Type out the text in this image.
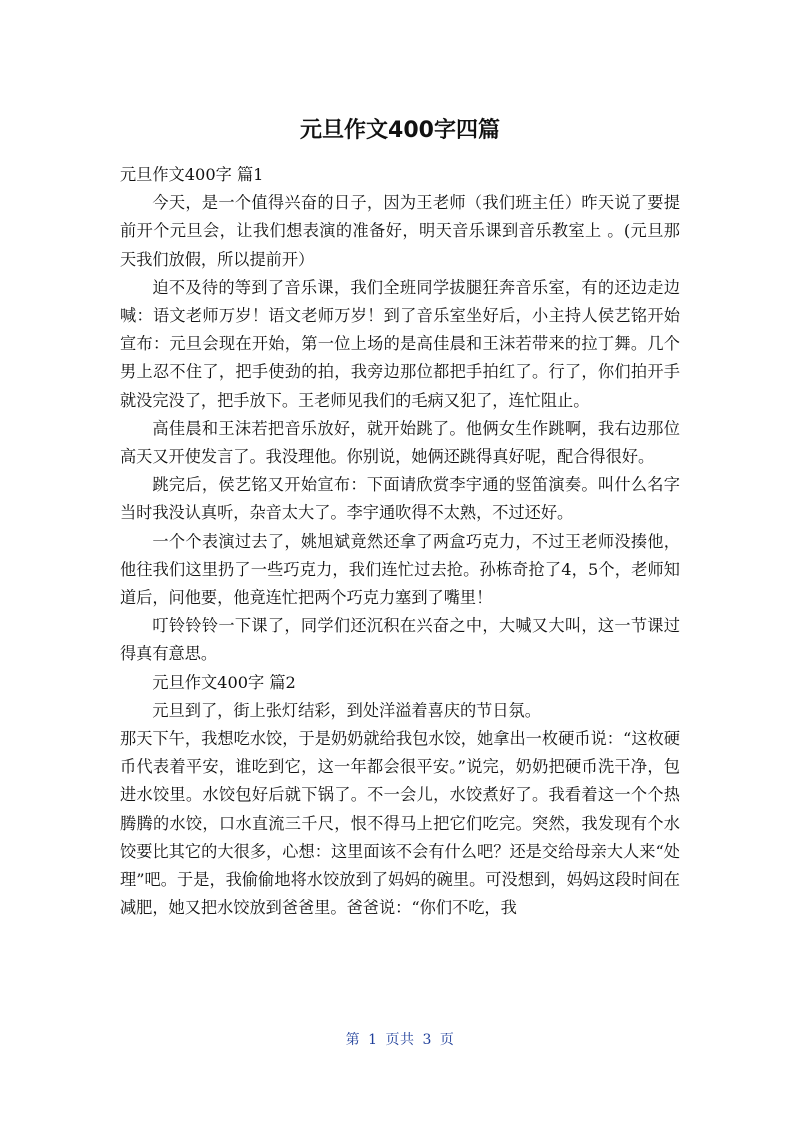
元旦作文400字四篇

元旦作文400字 篇1

今天，是一个值得兴奋的日子，因为王老师（我们班主任）昨天说了要提前开个元旦会，让我们想表演的准备好，明天音乐课到音乐教室上 。(元旦那天我们放假，所以提前开）

迫不及待的等到了音乐课，我们全班同学拔腿狂奔音乐室，有的还边走边喊：语文老师万岁！语文老师万岁！到了音乐室坐好后，小主持人侯艺铭开始宣布：元旦会现在开始，第一位上场的是高佳晨和王沫若带来的拉丁舞。几个男上忍不住了，把手使劲的拍，我旁边那位都把手拍红了。行了，你们拍开手就没完没了，把手放下。王老师见我们的毛病又犯了，连忙阻止。

高佳晨和王沫若把音乐放好，就开始跳了。他俩女生作跳啊，我右边那位高天又开使发言了。我没理他。你别说，她俩还跳得真好呢，配合得很好。

跳完后，侯艺铭又开始宣布：下面请欣赏李宇通的竖笛演奏。叫什么名字当时我没认真听，杂音太大了。李宇通吹得不太熟，不过还好。

一个个表演过去了，姚旭斌竟然还拿了两盒巧克力，不过王老师没揍他，他往我们这里扔了一些巧克力，我们连忙过去抢。孙栋奇抢了4，5个，老师知道后，问他要，他竟连忙把两个巧克力塞到了嘴里！

叮铃铃铃一下课了，同学们还沉积在兴奋之中，大喊又大叫，这一节课过得真有意思。

元旦作文400字 篇2

元旦到了，街上张灯结彩，到处洋溢着喜庆的节日氛。

那天下午，我想吃水饺，于是奶奶就给我包水饺，她拿出一枚硬币说：“这枚硬币代表着平安，谁吃到它，这一年都会很平安。”说完，奶奶把硬币洗干净，包进水饺里。水饺包好后就下锅了。不一会儿，水饺煮好了。我看着这一个个热腾腾的水饺，口水直流三千尺，恨不得马上把它们吃完。突然，我发现有个水饺要比其它的大很多，心想：这里面该不会有什么吧？还是交给母亲大人来“处理”吧。于是，我偷偷地将水饺放到了妈妈的碗里。可没想到，妈妈这段时间在减肥，她又把水饺放到爸爸里。爸爸说：“你们不吃，我

第 1 页共 3 页
